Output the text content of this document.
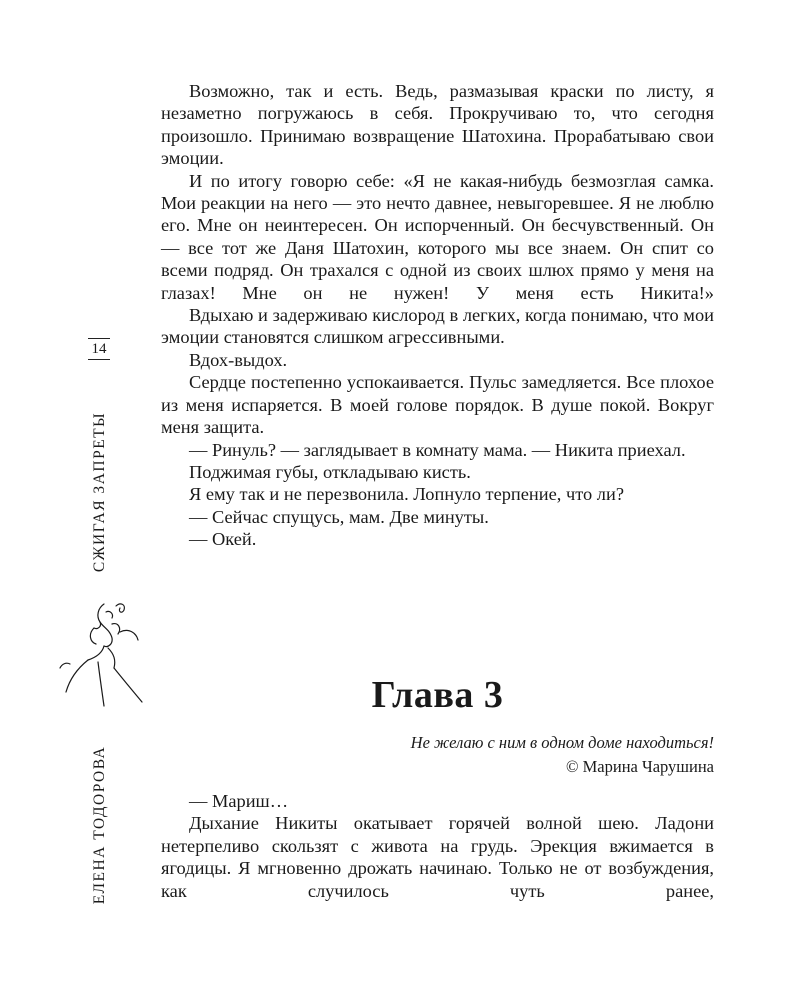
Возможно, так и есть. Ведь, размазывая краски по листу, я незаметно погружаюсь в себя. Прокручиваю то, что сегодня произошло. Принимаю возвращение Шатохина. Прорабатываю свои эмоции.

И по итогу говорю себе: «Я не какая-нибудь безмозглая самка. Мои реакции на него — это нечто давнее, невыгоревшее. Я не люблю его. Мне он неинтересен. Он испорченный. Он бесчувственный. Он — все тот же Даня Шатохин, которого мы все знаем. Он спит со всеми подряд. Он трахался с одной из своих шлюх прямо у меня на глазах! Мне он не нужен! У меня есть Никита!»

Вдыхаю и задерживаю кислород в легких, когда понимаю, что мои эмоции становятся слишком агрессивными.

Вдох-выдох.

Сердце постепенно успокаивается. Пульс замедляется. Все плохое из меня испаряется. В моей голове порядок. В душе покой. Вокруг меня защита.

— Ринуль? — заглядывает в комнату мама. — Никита приехал.

Поджимая губы, откладываю кисть.

Я ему так и не перезвонила. Лопнуло терпение, что ли?

— Сейчас спущусь, мам. Две минуты.

— Окей.

Глава 3
Не желаю с ним в одном доме находиться!
© Марина Чарушина

— Мариш…

Дыхание Никиты окатывает горячей волной шею. Ладони нетерпеливо скользят с живота на грудь. Эрекция вжимается в ягодицы. Я мгновенно дрожать начинаю. Только не от возбуждения, как случилось чуть ранее,

14
СЖИГАЯ ЗАПРЕТЫ
ЕЛЕНА ТОДОРОВА
